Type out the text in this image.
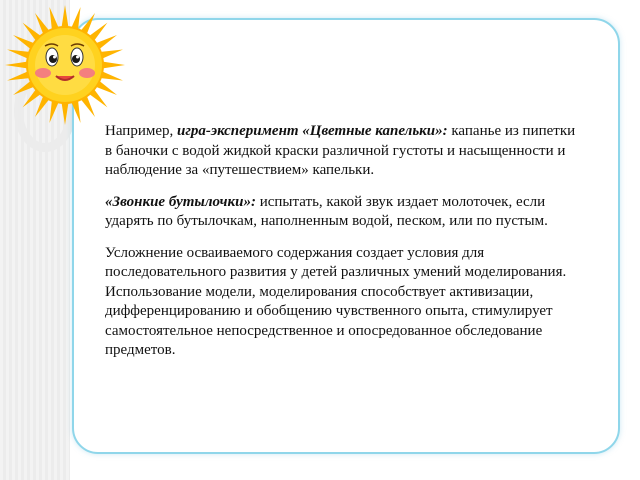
Например, игра-эксперимент «Цветные капельки»: капанье из пипетки в баночки с водой жидкой краски различной густоты и насыщенности и наблюдение за «путешествием» капельки.

«Звонкие бутылочки»: испытать, какой звук издает молоточек, если ударять по бутылочкам, наполненным водой, песком, или по пустым.

Усложнение осваиваемого содержания создает условия для последовательного развития у детей различных умений моделирования. Использование модели, моделирования способствует активизации, дифференцированию и обобщению чувственного опыта, стимулирует самостоятельное непосредственное и опосредованное обследование предметов.
